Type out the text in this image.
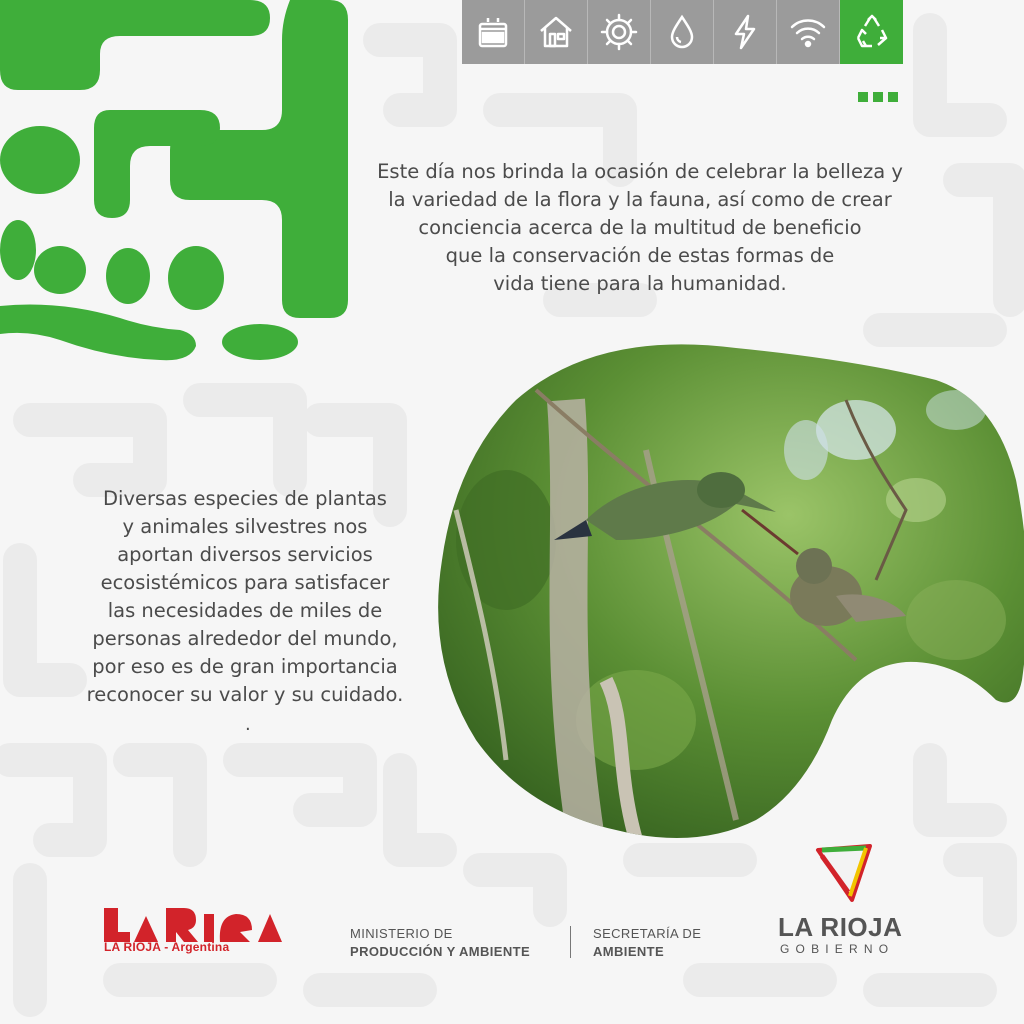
Este día nos brinda la ocasión de celebrar la belleza y
la variedad de la flora y la fauna, así como de crear
conciencia acerca de la multitud de beneficio
que la conservación de estas formas de
vida tiene para la humanidad.

Diversas especies de plantas
y animales silvestres nos
aportan diversos servicios
ecosistémicos para satisfacer
las necesidades de miles de
personas alrededor del mundo,
por eso es de gran importancia
reconocer su valor y su cuidado.

.
LA RIOJA - Argentina
MINISTERIO DE
PRODUCCIÓN Y AMBIENTE
SECRETARÍA DE
AMBIENTE
LA RIOJA
GOBIERNO
